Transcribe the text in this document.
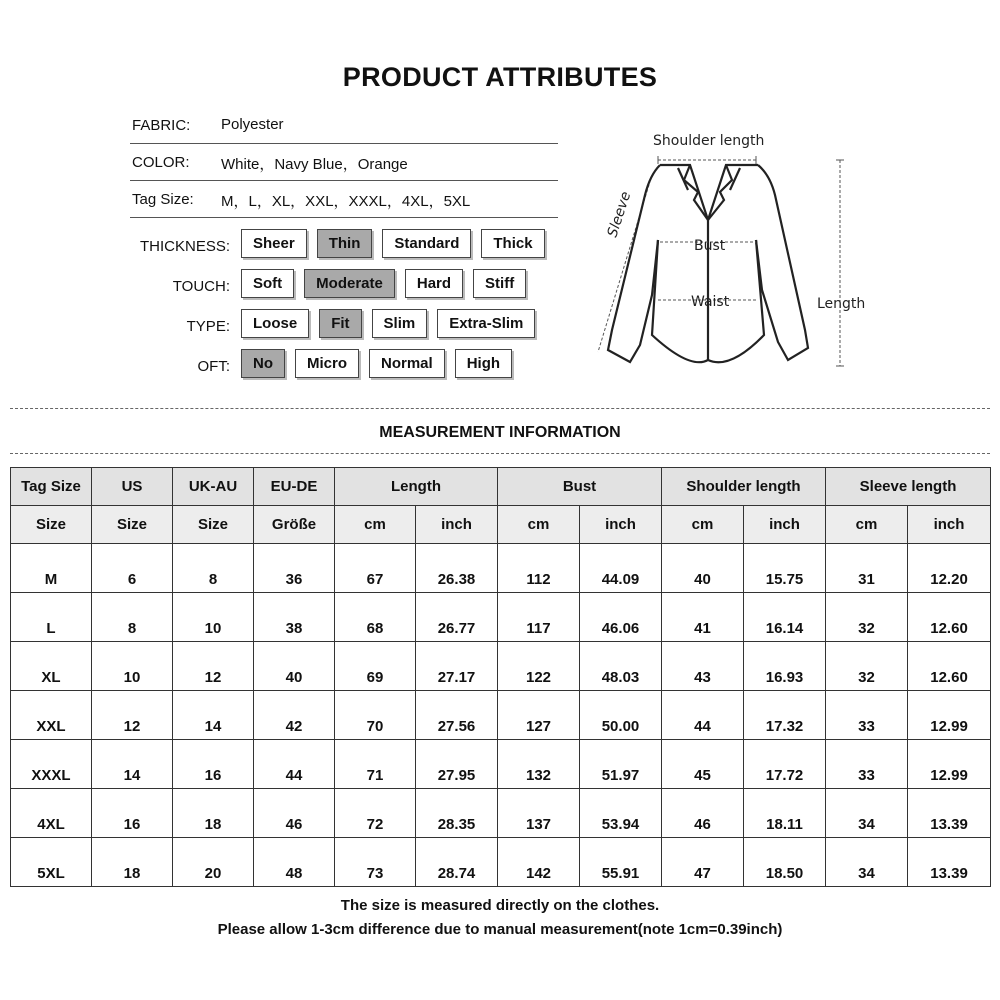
PRODUCT ATTRIBUTES
FABRIC: Polyester
COLOR: White，Navy Blue，Orange
Tag Size: M，L，XL，XXL，XXXL，4XL，5XL
THICKNESS:	Sheer	Thin	Standard	Thick
TOUCH:	Soft	Moderate	Hard	Stiff
TYPE:	Loose	Fit	Slim	Extra-Slim
OFT:	No	Micro	Normal	High
Shoulder length
Sleeve
Bust
Waist	Length
MEASUREMENT INFORMATION
Tag Size	US	UK-AU	EU-DE	Length		Bust		Shoulder length		Sleeve length	
Size	Size	Size	Größe	cm	inch	cm	inch	cm	inch	cm	inch
M	6	8	36	67	26.38	112	44.09	40	15.75	31	12.20
L	8	10	38	68	26.77	117	46.06	41	16.14	32	12.60
XL	10	12	40	69	27.17	122	48.03	43	16.93	32	12.60
XXL	12	14	42	70	27.56	127	50.00	44	17.32	33	12.99
XXXL	14	16	44	71	27.95	132	51.97	45	17.72	33	12.99
4XL	16	18	46	72	28.35	137	53.94	46	18.11	34	13.39
5XL	18	20	48	73	28.74	142	55.91	47	18.50	34	13.39
The size is measured directly on the clothes.
Please allow 1-3cm difference due to manual measurement(note 1cm=0.39inch)
